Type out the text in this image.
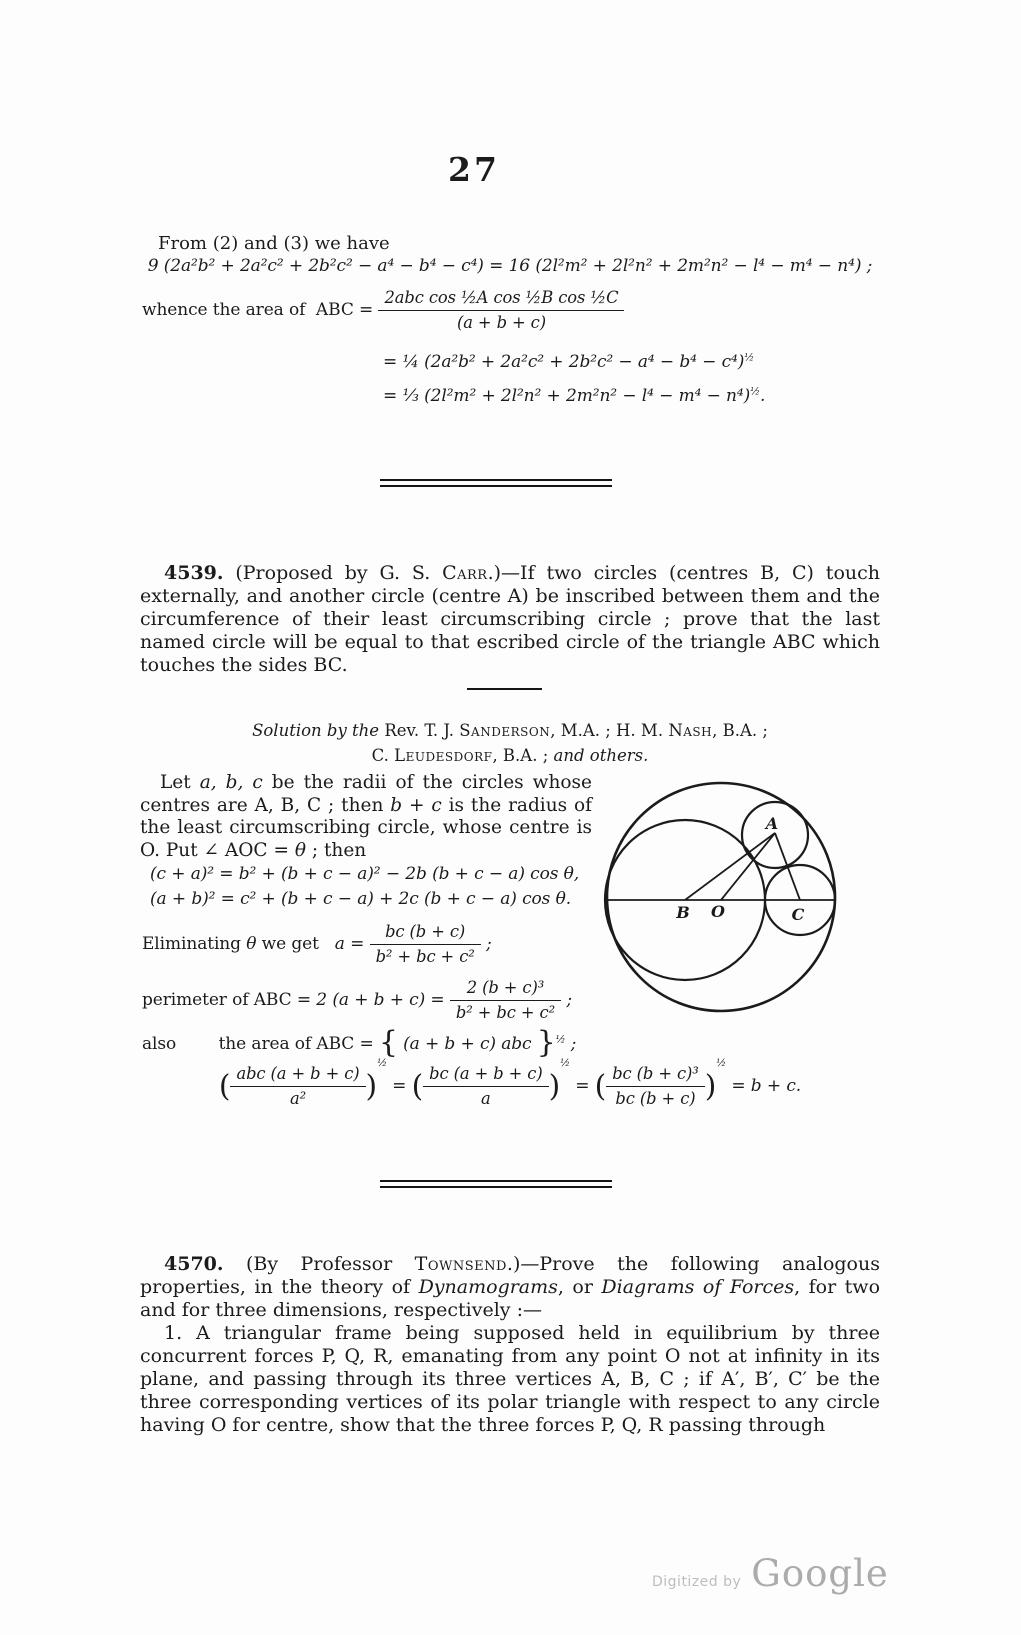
27
From (2) and (3) we have
9 (2a²b² + 2a²c² + 2b²c² − a⁴ − b⁴ − c⁴) = 16 (2l²m² + 2l²n² + 2m²n² − l⁴ − m⁴ − n⁴) ;
whence the area of  ABC = $\frac{\text{2abc cos ½A cos ½B cos ½C}}{(a + b + c)}$
= ¼ $(2a^2b^2 + 2a^2c^2 + 2b^2c^2 - a^4 - b^4 - c^4)^{\frac{1}{2}}$
= ⅓ $(2l^2m^2 + 2l^2n^2 + 2m^2n^2 - l^4 - m^4 - n^4)^{\frac{1}{2}}$.

4539. (Proposed by G. S. Carr.)—If two circles (centres B, C) touch externally, and another circle (centre A) be inscribed between them and the circumference of their least circumscribing circle ; prove that the last named circle will be equal to that escribed circle of the triangle ABC which touches the sides BC.

Solution by the Rev. T. J. Sanderson, M.A. ; H. M. Nash, B.A. ;
C. Leudesdorf, B.A. ; and others.
Let a, b, c be the radii of the circles whose centres are A, B, C ; then b + c is the radius of the least circumscribing circle, whose centre is O. Put ∠ AOC = θ ; then
A
B O	C
(c + a)² = b² + (b + c − a)² − 2b (b + c − a) cos θ,
(a + b)² = c² + (b + c − a) + 2c (b + c − a) cos θ.
Eliminating θ we get $a = \frac{bc (b + c)}{\text{b² + bc + c²}}$ ;
perimeter of ABC = 2 $(a + b + c) = \frac{\text{2 (b + c)³}}{\text{b² + bc + c²}}$ ;
also the area of ABC = { (a + b + c) abc }$^{\frac{1}{2}}$ ;
( $\frac{\text{abc (a + b + c)}}{\text{a²}}$ )
½
= ( $\frac{bc (a + b + c)}{a}$ )
½
= ( $\frac{\text{bc (b + c)³}}{bc (b + c)}$ )
½
= b + c.

4570. (By Professor Townsend.)—Prove the following analogous properties, in the theory of Dynamograms, or Diagrams of Forces, for two and for three dimensions, respectively :—

1. A triangular frame being supposed held in equilibrium by three concurrent forces P, Q, R, emanating from any point O not at infinity in its plane, and passing through its three vertices A, B, C ; if A′, B′, C′ be the three corresponding vertices of its polar triangle with respect to any circle having O for centre, show that the three forces P, Q, R passing through

Digitized by Google
